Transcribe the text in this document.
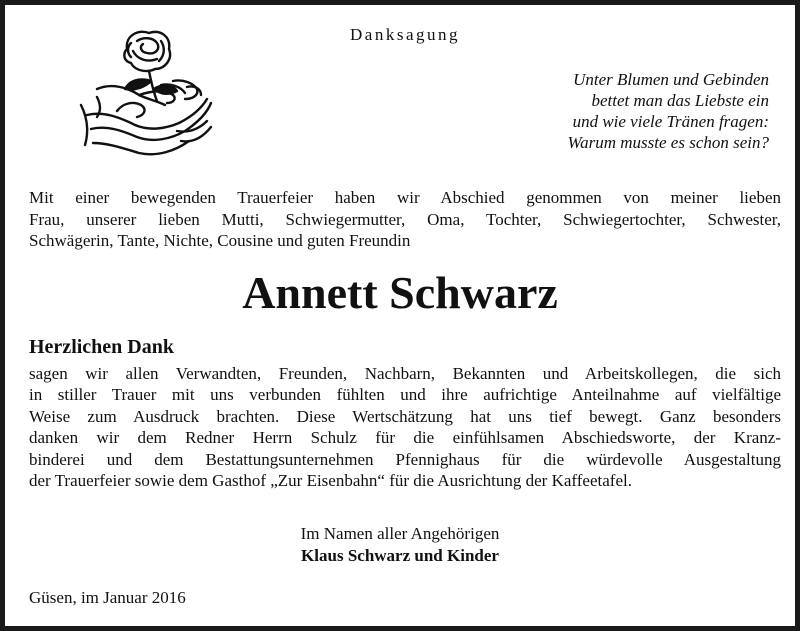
Danksagung
Unter Blumen und Gebinden
bettet man das Liebste ein
und wie viele Tränen fragen:
Warum musste es schon sein?
Mit einer bewegenden Trauerfeier haben wir Abschied genommen von meiner lieben
Frau, unserer lieben Mutti, Schwiegermutter, Oma, Tochter, Schwiegertochter, Schwester,
Schwägerin, Tante, Nichte, Cousine und guten Freundin
Annett Schwarz
Herzlichen Dank
sagen wir allen Verwandten, Freunden, Nachbarn, Bekannten und Arbeitskollegen, die sich
in stiller Trauer mit uns verbunden fühlten und ihre aufrichtige Anteilnahme auf vielfältige
Weise zum Ausdruck brachten. Diese Wertschätzung hat uns tief bewegt. Ganz besonders
danken wir dem Redner Herrn Schulz für die einfühlsamen Abschiedsworte, der Kranz-
binderei und dem Bestattungsunternehmen Pfennighaus für die würdevolle Ausgestaltung
der Trauerfeier sowie dem Gasthof „Zur Eisenbahn“ für die Ausrichtung der Kaffeetafel.
Im Namen aller Angehörigen
Klaus Schwarz und Kinder
Güsen, im Januar 2016
